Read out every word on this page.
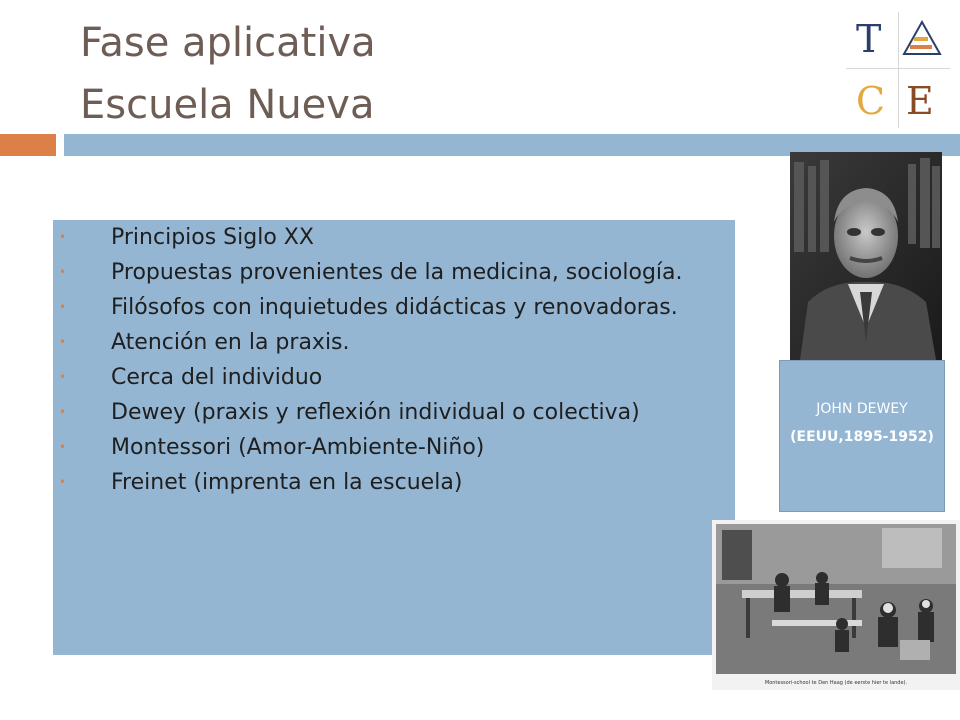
Fase aplicativa
Escuela Nueva
T
C E
• Principios Siglo XX
• Propuestas provenientes de la medicina, sociología.
• Filósofos con inquietudes didácticas y renovadoras.
• Atención en la praxis.
• Cerca del individuo
• Dewey (praxis y reflexión individual o colectiva)
• Montessori (Amor-Ambiente-Niño)
• Freinet (imprenta en la escuela)
JOHN DEWEY
(EEUU,1895-1952)
Montessori-school te Den Haag (de eerste hier te lande).
